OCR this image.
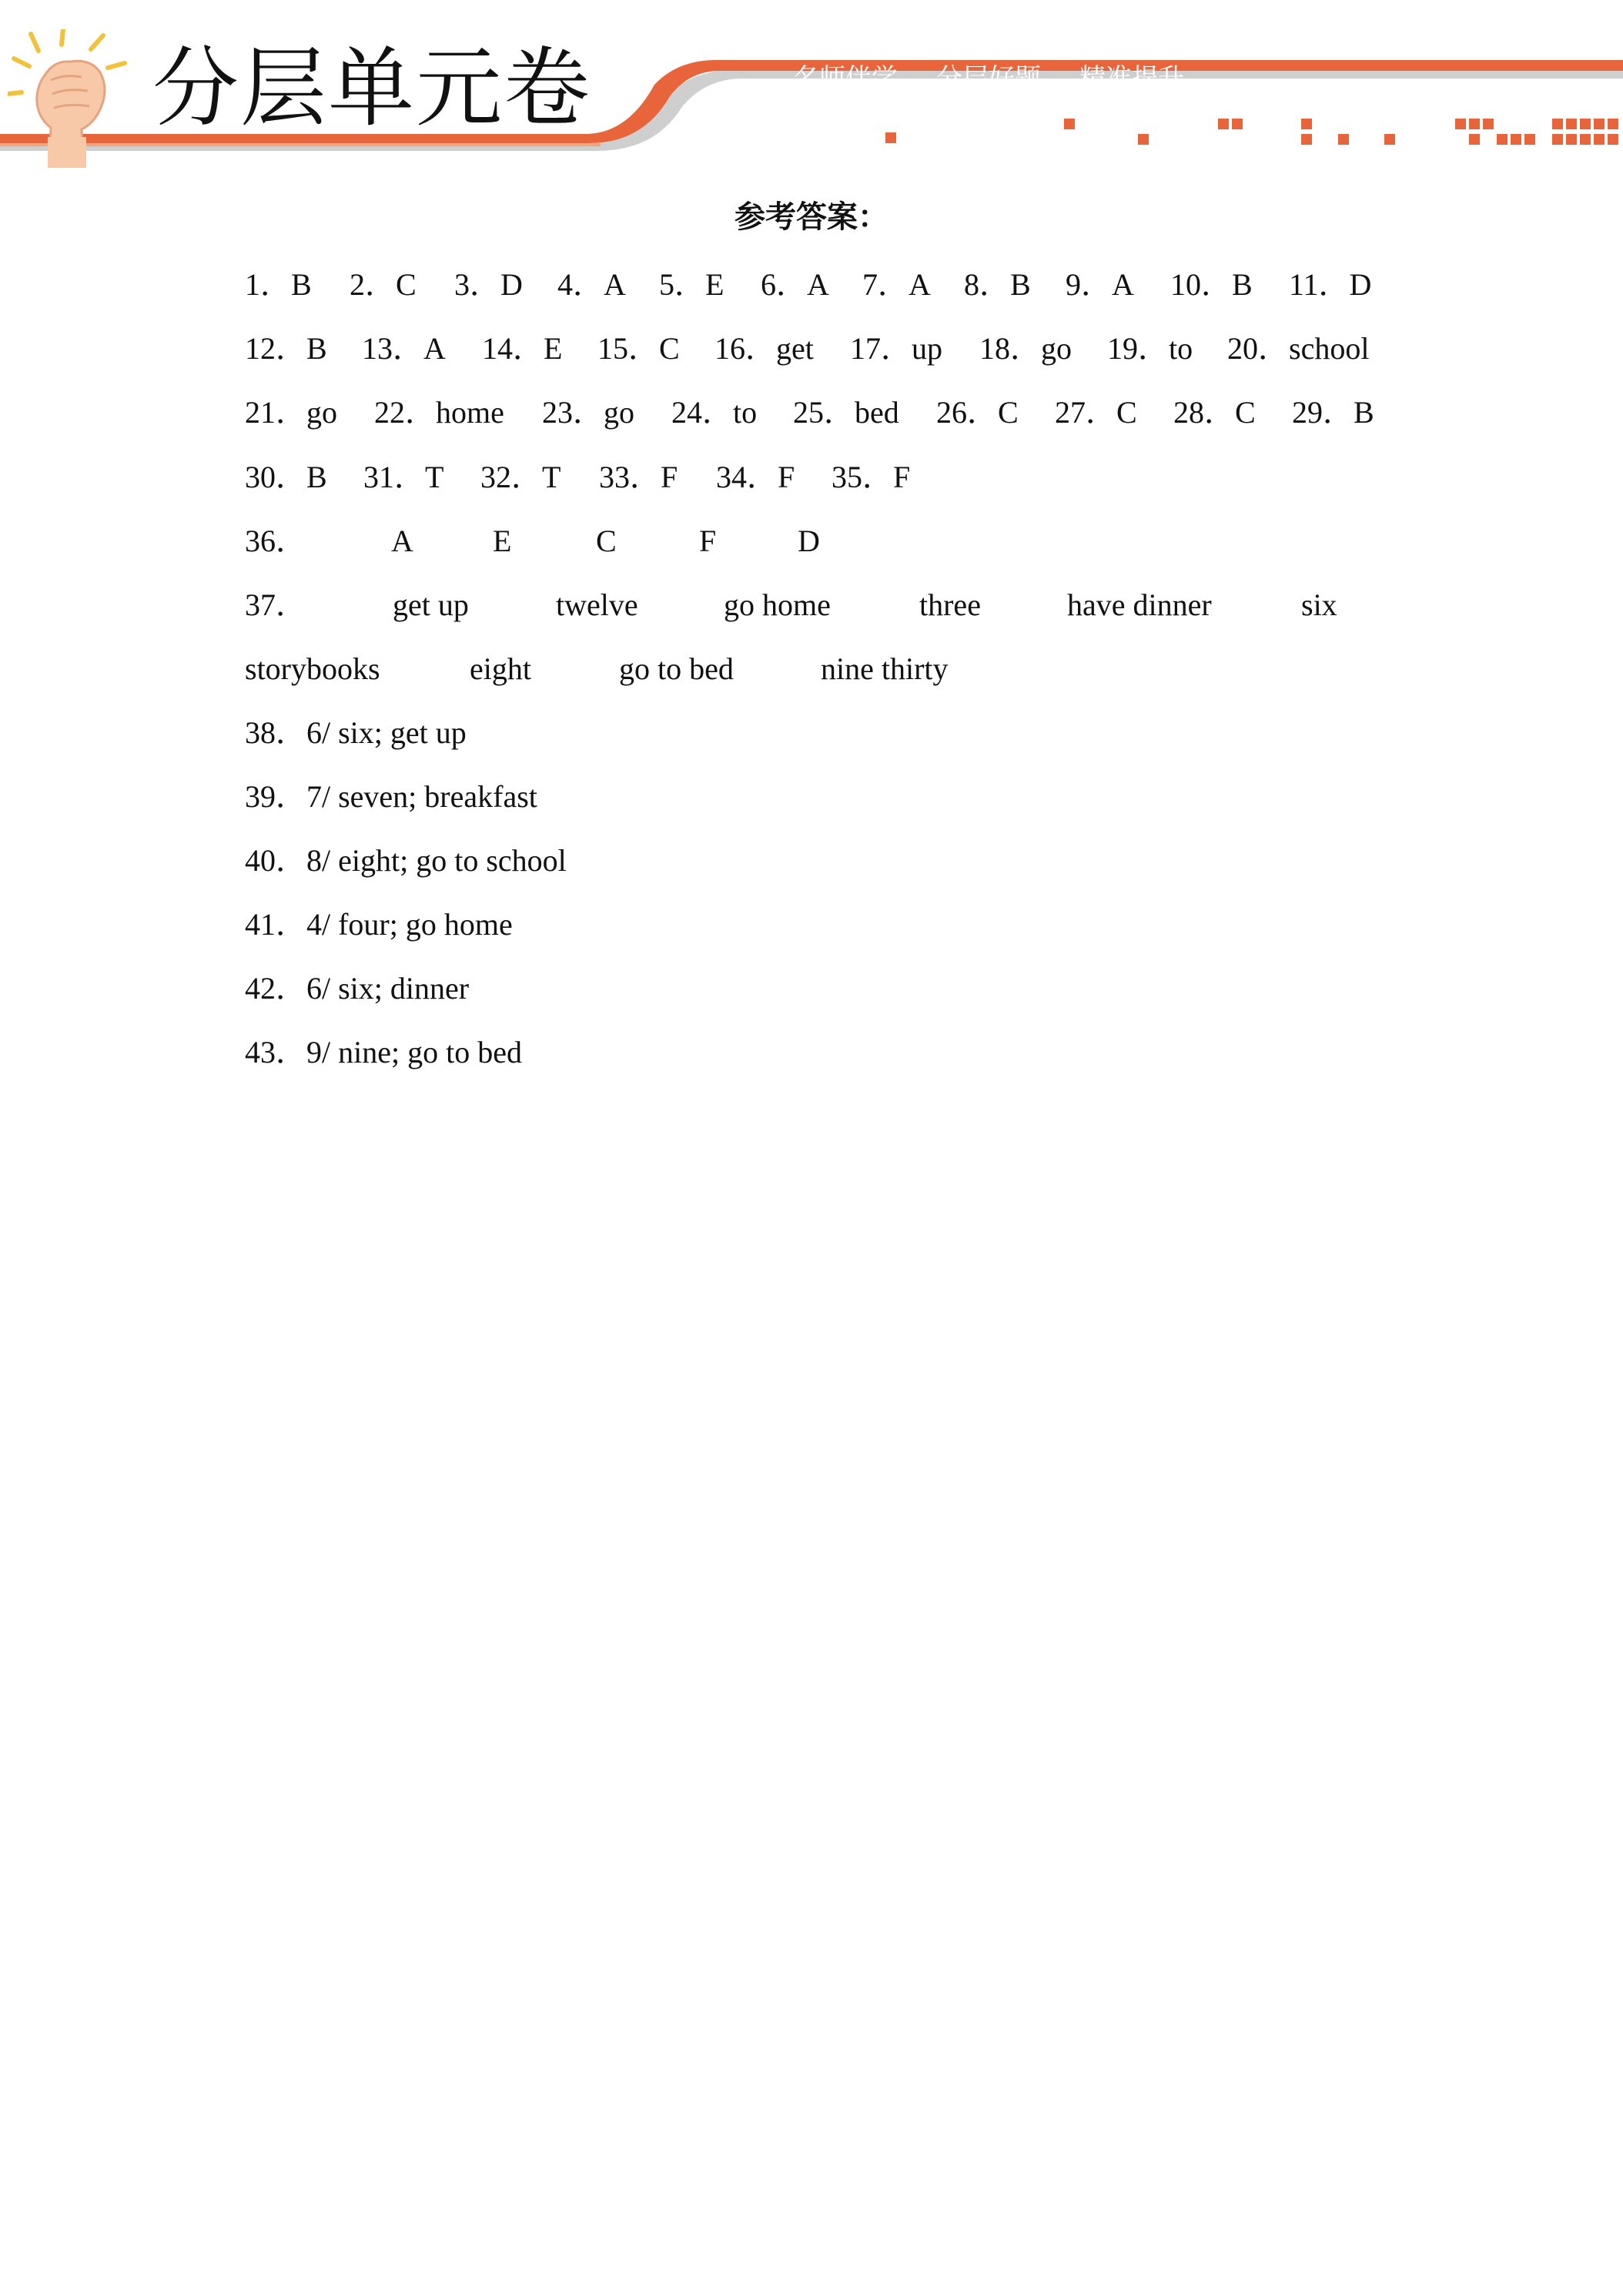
分层单元卷	名师伴学 分层好题 精准提升
参考答案：
1．B 2．C 3．D 4．A 5．E 6．A 7．A 8．B 9．A 10．B 11．D
12．B 13．A 14．E 15．C 16．get 17．up 18．go 19．to 20．school
21．go 22．home 23．go 24．to 25．bed 26．C 27．C 28．C 29．B
30．B 31．T 32．T 33．F 34．F 35．F
36．	A	E	C	F	D
37．	get up	twelve	go home	three	have dinner	six
storybooks	eight	go to bed	nine thirty
38．6/ six; get up
39．7/ seven; breakfast
40．8/ eight; go to school
41．4/ four; go home
42．6/ six; dinner
43．9/ nine; go to bed
